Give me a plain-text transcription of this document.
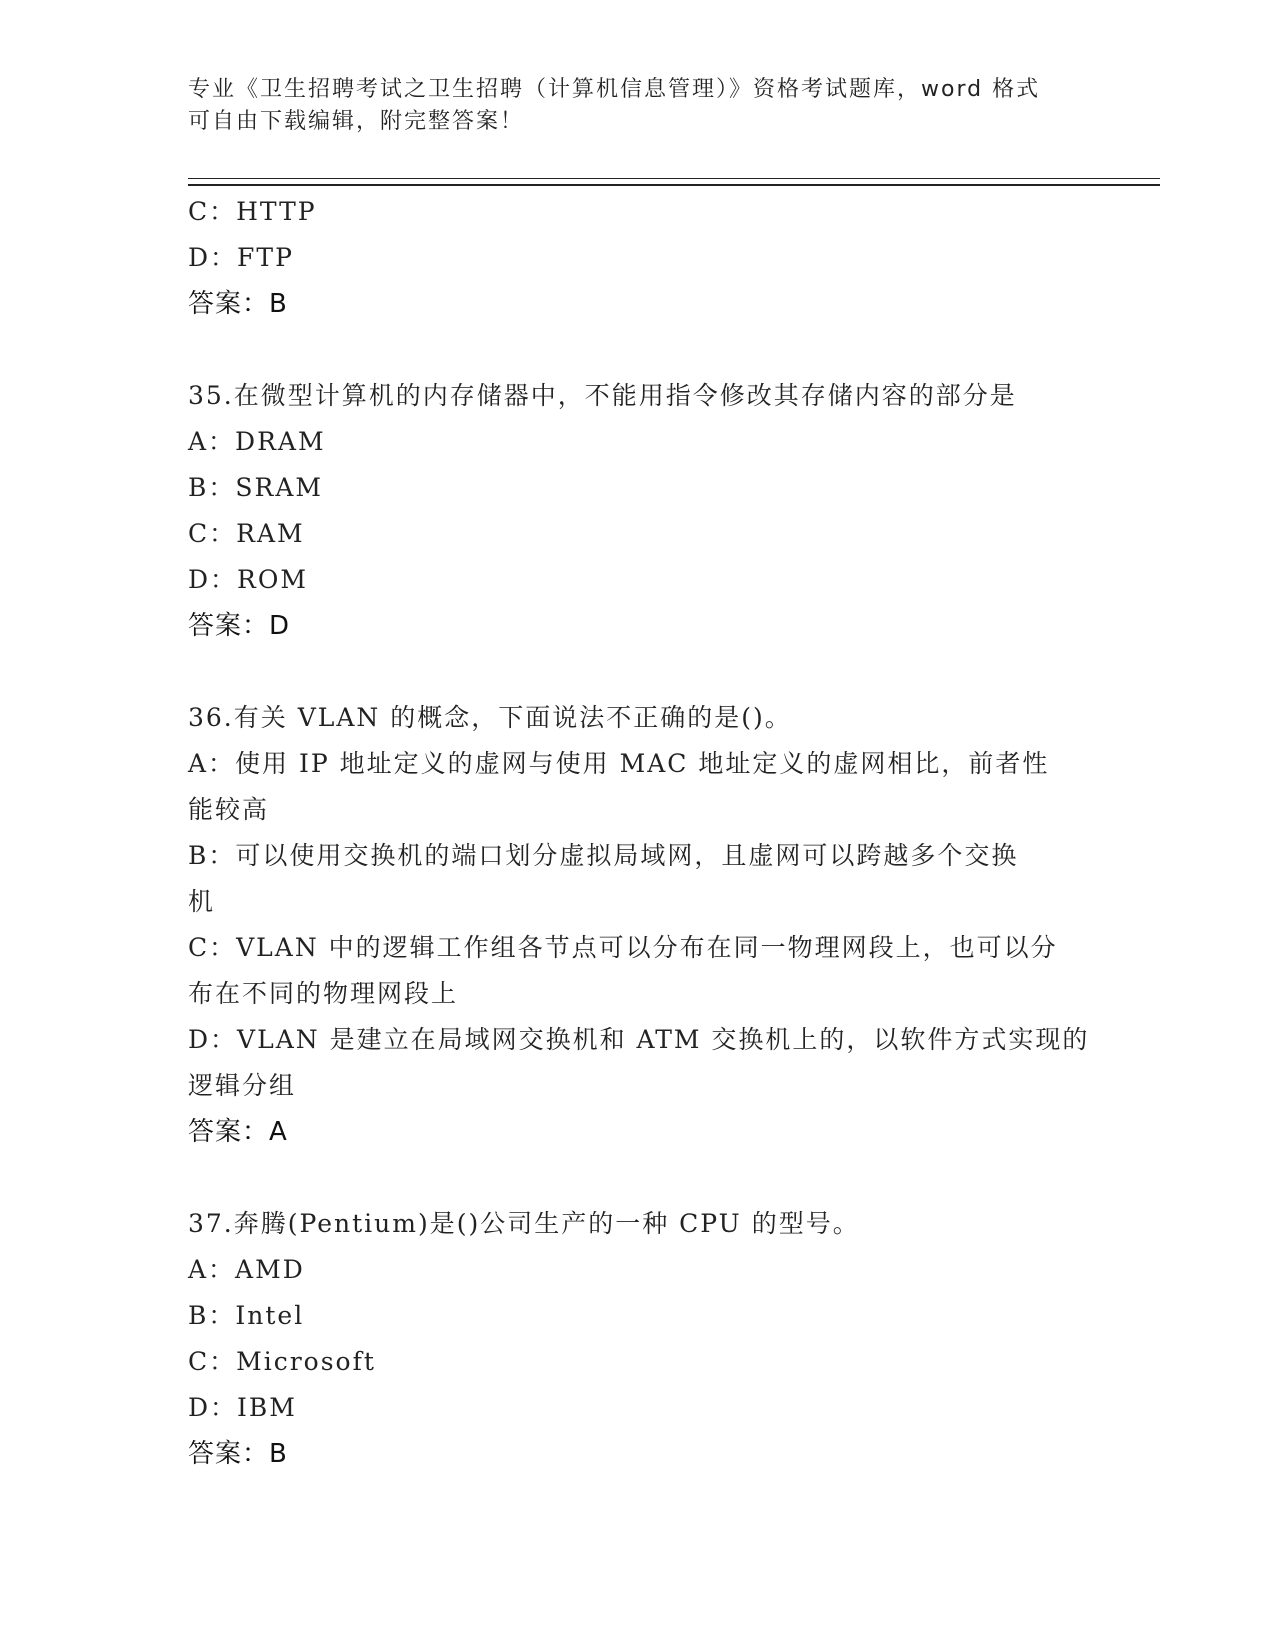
专业《卫生招聘考试之卫生招聘（计算机信息管理）》资格考试题库，word 格式
可自由下载编辑，附完整答案！
C：HTTP
D：FTP
答案：B
35.在微型计算机的内存储器中，不能用指令修改其存储内容的部分是
A：DRAM
B：SRAM
C：RAM
D：ROM
答案：D
36.有关 VLAN 的概念，下面说法不正确的是()。
A：使用 IP 地址定义的虚网与使用 MAC 地址定义的虚网相比，前者性
能较高
B：可以使用交换机的端口划分虚拟局域网，且虚网可以跨越多个交换
机
C：VLAN 中的逻辑工作组各节点可以分布在同一物理网段上，也可以分
布在不同的物理网段上
D：VLAN 是建立在局域网交换机和 ATM 交换机上的，以软件方式实现的
逻辑分组
答案：A
37.奔腾(Pentium)是()公司生产的一种 CPU 的型号。
A：AMD
B：Intel
C：Microsoft
D：IBM
答案：B
